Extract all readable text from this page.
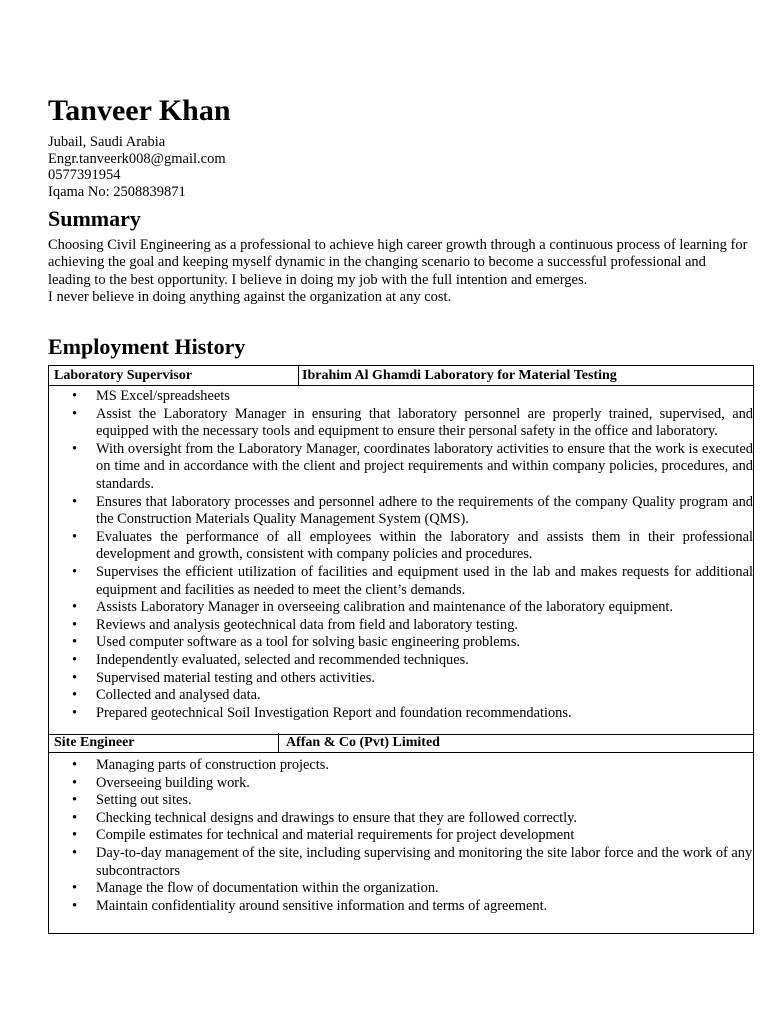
Tanveer Khan
Jubail, Saudi Arabia
Engr.tanveerk008@gmail.com
0577391954
Iqama No: 2508839871
Summary

Choosing Civil Engineering as a professional to achieve high career growth through a continuous process of learning for achieving the goal and keeping myself dynamic in the changing scenario to become a successful professional and leading to the best opportunity. I believe in doing my job with the full intention and emerges.
I never believe in doing anything against the organization at any cost.

Employment History
Laboratory Supervisor	Ibrahim Al Ghamdi Laboratory for Material Testing
• MS Excel/spreadsheets
• Assist the Laboratory Manager in ensuring that laboratory personnel are properly trained, supervised, and equipped with the necessary tools and equipment to ensure their personal safety in the office and laboratory.
• With oversight from the Laboratory Manager, coordinates laboratory activities to ensure that the work is executed on time and in accordance with the client and project requirements and within company policies, procedures, and standards.
• Ensures that laboratory processes and personnel adhere to the requirements of the company Quality program and the Construction Materials Quality Management System (QMS).
• Evaluates the performance of all employees within the laboratory and assists them in their professional development and growth, consistent with company policies and procedures.
• Supervises the efficient utilization of facilities and equipment used in the lab and makes requests for additional equipment and facilities as needed to meet the client’s demands.
• Assists Laboratory Manager in overseeing calibration and maintenance of the laboratory equipment.
• Reviews and analysis geotechnical data from field and laboratory testing.
• Used computer software as a tool for solving basic engineering problems.
• Independently evaluated, selected and recommended techniques.
• Supervised material testing and others activities.
• Collected and analysed data.
• Prepared geotechnical Soil Investigation Report and foundation recommendations.
Site Engineer	Affan & Co (Pvt) Limited
• Managing parts of construction projects.
• Overseeing building work.
• Setting out sites.
• Checking technical designs and drawings to ensure that they are followed correctly.
• Compile estimates for technical and material requirements for project development
• Day-to-day management of the site, including supervising and monitoring the site labor force and the work of any subcontractors
• Manage the flow of documentation within the organization.
• Maintain confidentiality around sensitive information and terms of agreement.
